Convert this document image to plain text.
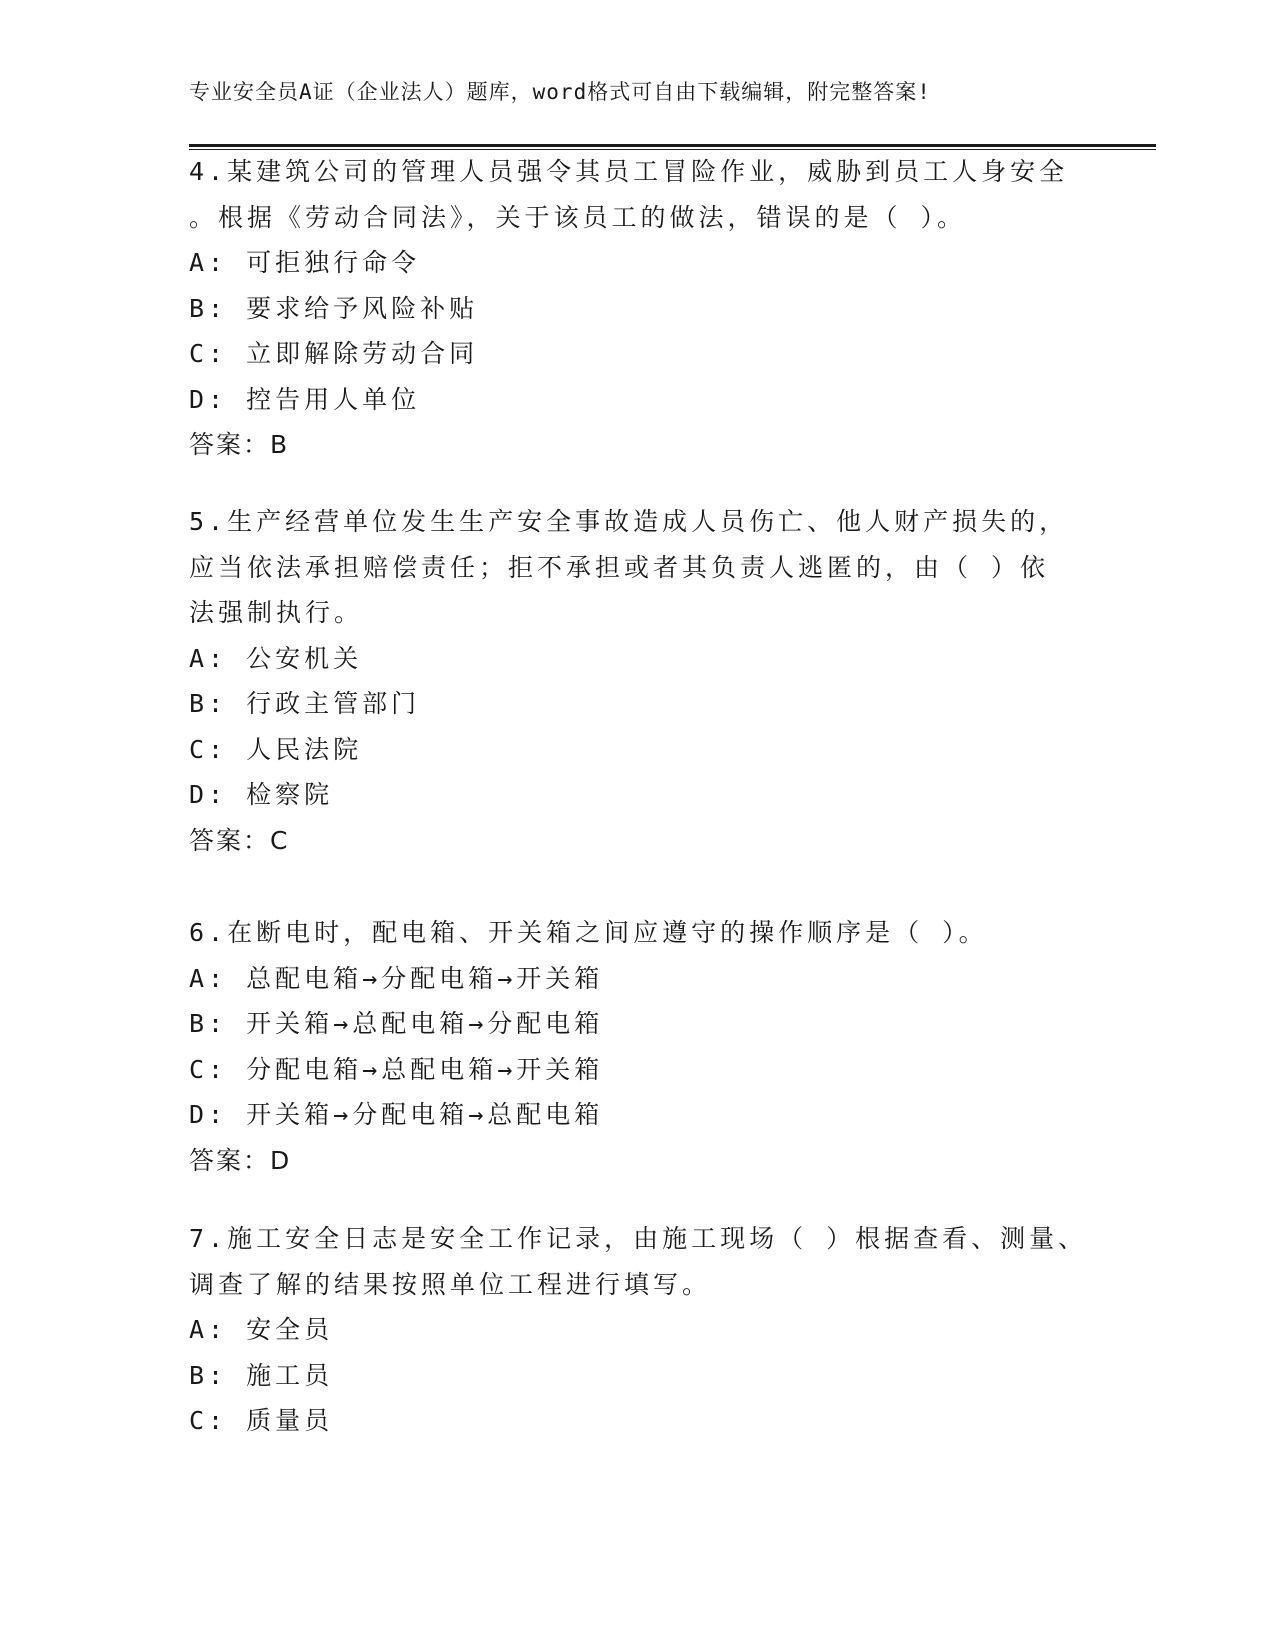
专业安全员A证（企业法人）题库，word格式可自由下载编辑，附完整答案!
4.某建筑公司的管理人员强令其员工冒险作业，威胁到员工人身安全
。根据《劳动合同法》，关于该员工的做法，错误的是（ ）。
A: 可拒独行命令
B: 要求给予风险补贴
C: 立即解除劳动合同
D: 控告用人单位
答案：B
5.生产经营单位发生生产安全事故造成人员伤亡、他人财产损失的，
应当依法承担赔偿责任；拒不承担或者其负责人逃匿的，由（ ）依
法强制执行。
A: 公安机关
B: 行政主管部门
C: 人民法院
D: 检察院
答案：C
6.在断电时，配电箱、开关箱之间应遵守的操作顺序是（ ）。
A: 总配电箱→分配电箱→开关箱
B: 开关箱→总配电箱→分配电箱
C: 分配电箱→总配电箱→开关箱
D: 开关箱→分配电箱→总配电箱
答案：D
7.施工安全日志是安全工作记录，由施工现场（ ）根据查看、测量、
调查了解的结果按照单位工程进行填写。
A: 安全员
B: 施工员
C: 质量员
